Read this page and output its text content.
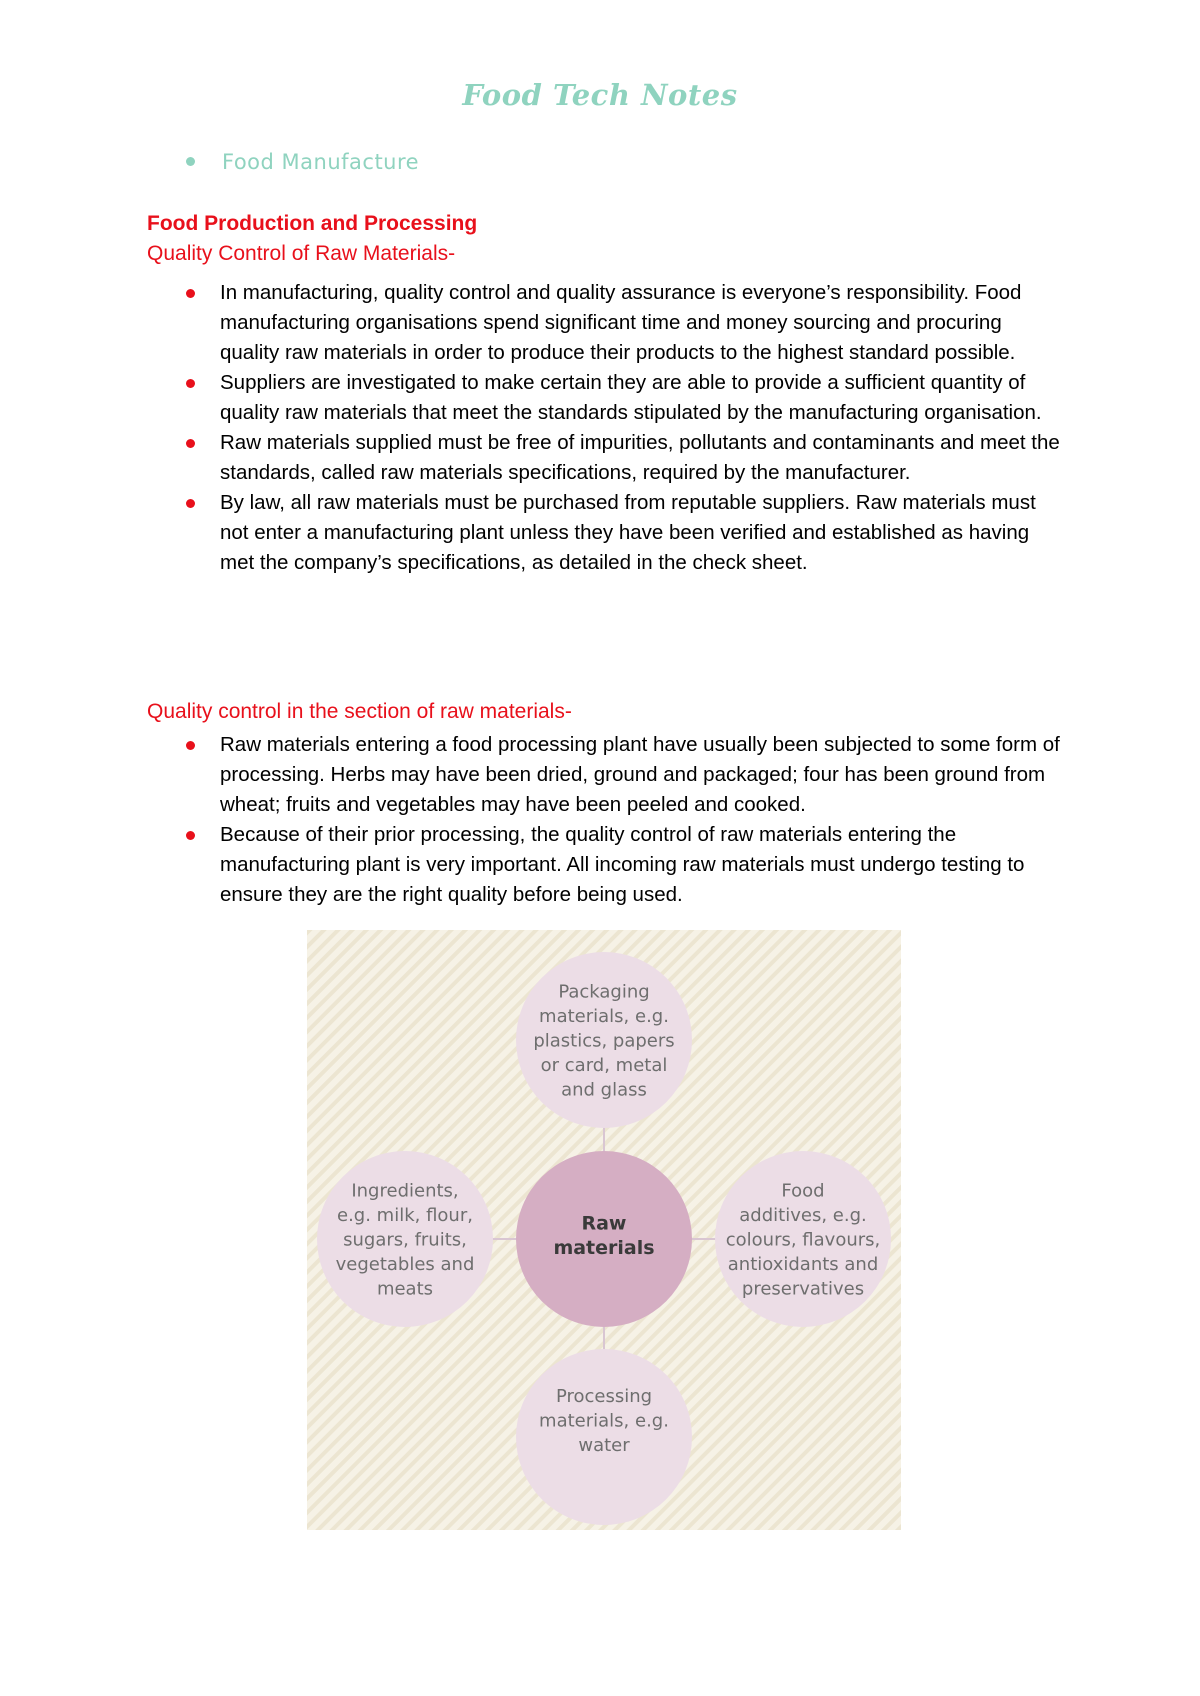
Food Tech Notes
Food Manufacture
Food Production and Processing
Quality Control of Raw Materials-
In manufacturing, quality control and quality assurance is everyone’s responsibility. Food manufacturing organisations spend significant time and money sourcing and procuring quality raw materials in order to produce their products to the highest standard possible.
Suppliers are investigated to make certain they are able to provide a sufficient quantity of quality raw materials that meet the standards stipulated by the manufacturing organisation.
Raw materials supplied must be free of impurities, pollutants and contaminants and meet the standards, called raw materials specifications, required by the manufacturer.
By law, all raw materials must be purchased from reputable suppliers. Raw materials must not enter a manufacturing plant unless they have been verified and established as having met the company’s specifications, as detailed in the check sheet.
Quality control in the section of raw materials-
Raw materials entering a food processing plant have usually been subjected to some form of processing. Herbs may have been dried, ground and packaged; four has been ground from wheat; fruits and vegetables may have been peeled and cooked.
Because of their prior processing, the quality control of raw materials entering the manufacturing plant is very important. All incoming raw materials must undergo testing to ensure they are the right quality before being used.
Packaging
materials, e.g.
plastics, papers
or card, metal
and glass
Ingredients,
e.g. milk, flour,
sugars, fruits,
vegetables and
meats
Food
additives, e.g.
colours, flavours,
antioxidants and
preservatives
Processing
materials, e.g.
water
Raw
materials
